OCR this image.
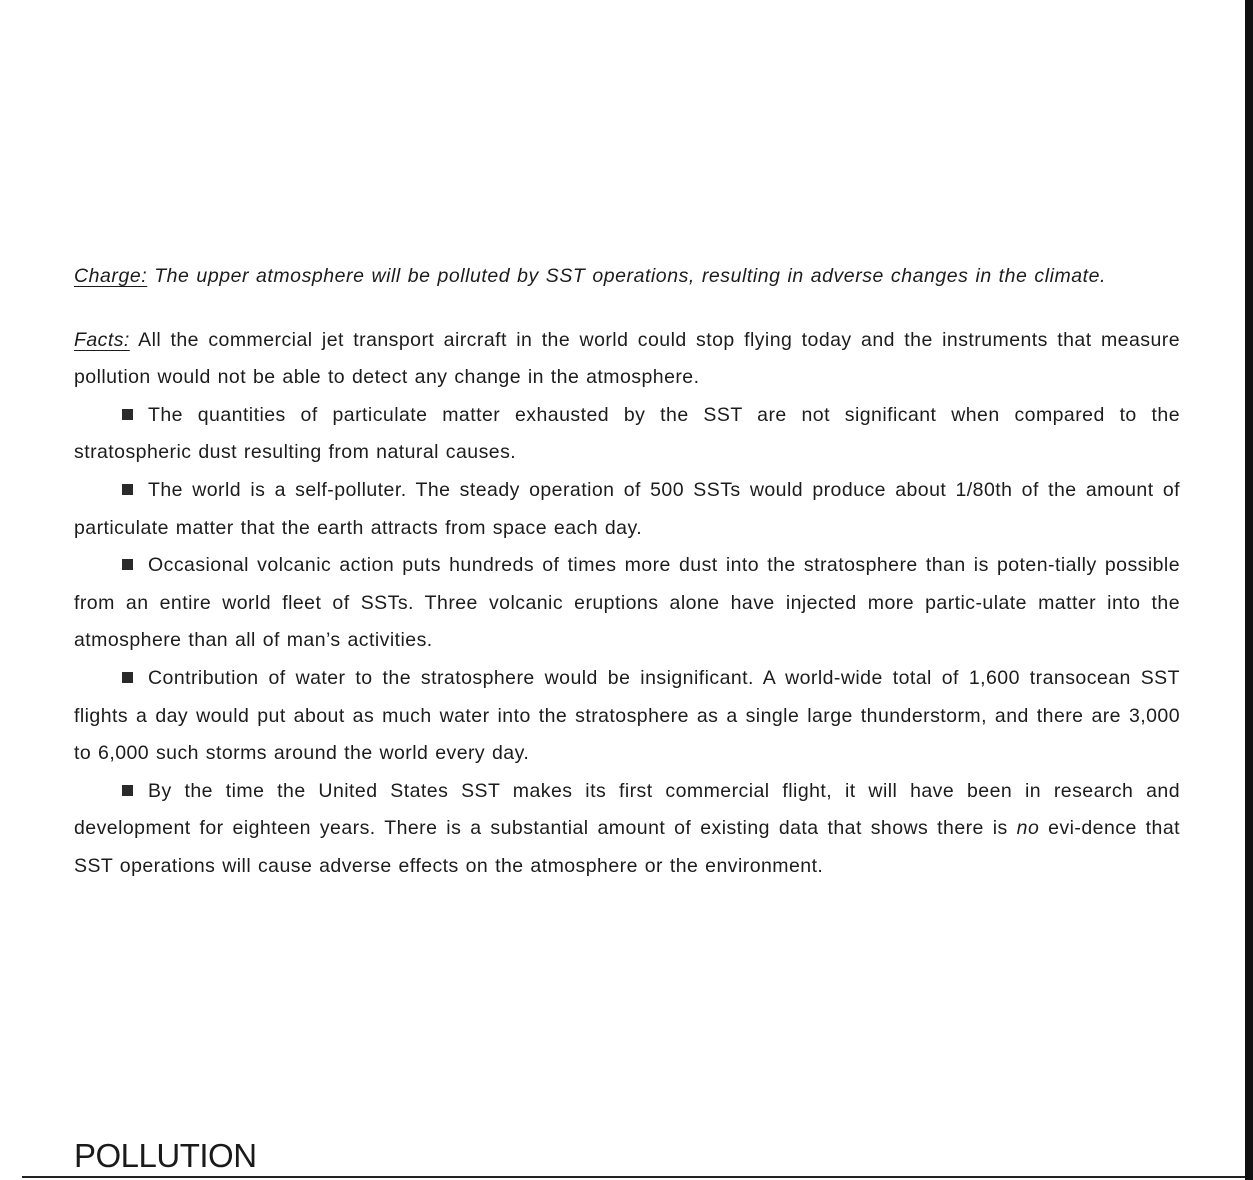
Charge: The upper atmosphere will be polluted by SST operations, resulting in adverse changes in the climate.

Facts: All the commercial jet transport aircraft in the world could stop flying today and the instruments that measure pollution would not be able to detect any change in the atmosphere.

The quantities of particulate matter exhausted by the SST are not significant when compared to the stratospheric dust resulting from natural causes.

The world is a self-polluter. The steady operation of 500 SSTs would produce about 1/80th of the amount of particulate matter that the earth attracts from space each day.

Occasional volcanic action puts hundreds of times more dust into the stratosphere than is poten-tially possible from an entire world fleet of SSTs. Three volcanic eruptions alone have injected more partic-ulate matter into the atmosphere than all of man’s activities.

Contribution of water to the stratosphere would be insignificant. A world-wide total of 1,600 transocean SST flights a day would put about as much water into the stratosphere as a single large thunderstorm, and there are 3,000 to 6,000 such storms around the world every day.

By the time the United States SST makes its first commercial flight, it will have been in research and development for eighteen years. There is a substantial amount of existing data that shows there is no evi-dence that SST operations will cause adverse effects on the atmosphere or the environment.

POLLUTION
